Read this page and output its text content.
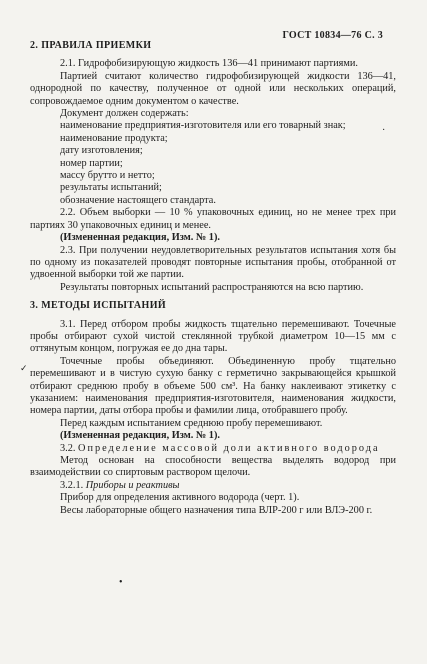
ГОСТ 10834—76 С. 3

2. ПРАВИЛА ПРИЕМКИ

2.1. Гидрофобизирующую жидкость 136—41 принимают партиями.

Партией считают количество гидрофобизирующей жидкости 136—41, однородной по качеству, полученное от одной или нескольких операций, сопровождаемое одним документом о качестве.

Документ должен содержать:

наименование предприятия-изготовителя или его товарный знак;

наименование продукта;

дату изготовления;

номер партии;

массу брутто и нетто;

результаты испытаний;

обозначение настоящего стандарта.

2.2. Объем выборки — 10 % упаковочных единиц, но не менее трех при партиях 30 упаковочных единиц и менее.

(Измененная редакция, Изм. № 1).

2.3. При получении неудовлетворительных результатов испытания хотя бы по одному из показателей проводят повторные испытания пробы, отобранной от удвоенной выборки той же партии.

Результаты повторных испытаний распространяются на всю партию.

3. МЕТОДЫ ИСПЫТАНИЙ

3.1. Перед отбором пробы жидкость тщательно перемешивают. Точечные пробы отбирают сухой чистой стеклянной трубкой диаметром 10—15 мм с оттянутым концом, погружая ее до дна тары.

Точечные пробы объединяют. Объединенную пробу тщательно перемешивают и в чистую сухую банку с герметично закрывающейся крышкой отбирают среднюю пробу в объеме 500 см³. На банку наклеивают этикетку с указанием: наименования предприятия-изготовителя, наименования жидкости, номера партии, даты отбора пробы и фамилии лица, отобравшего пробу.

Перед каждым испытанием среднюю пробу перемешивают.

(Измененная редакция, Изм. № 1).

3.2. Определение массовой доли активного водорода

Метод основан на способности вещества выделять водород при взаимодействии со спиртовым раствором щелочи.

3.2.1. Приборы и реактивы

Прибор для определения активного водорода (черт. 1).

Весы лабораторные общего назначения типа ВЛР-200 г или ВЛЭ-200 г.

·
✓
•
